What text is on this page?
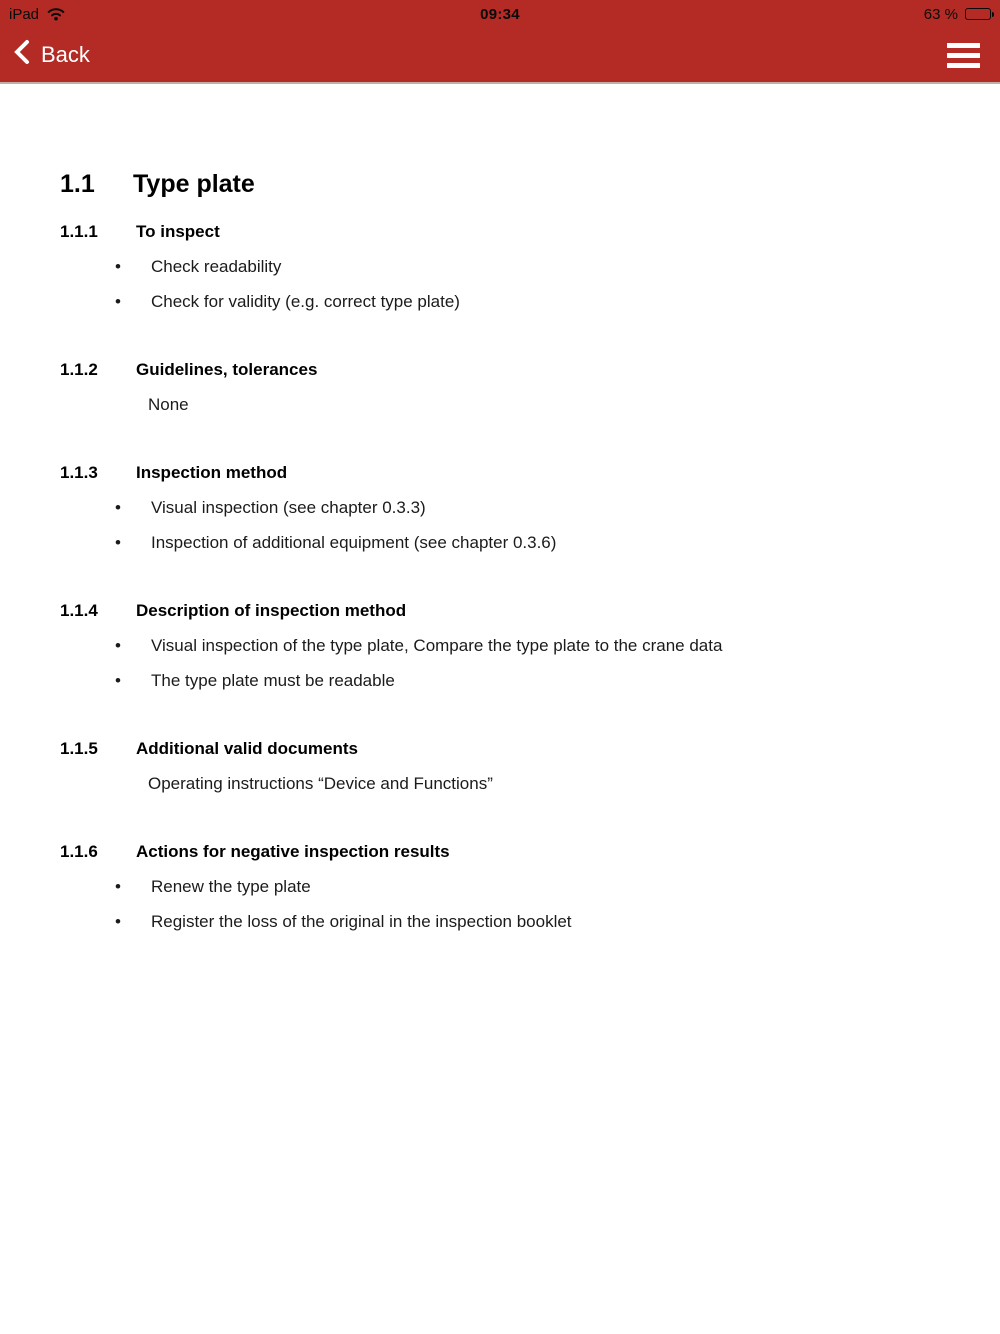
iPad	09:34	63 %
Back
1.1	Type plate
1.1.1	To inspect
•	Check readability
•	Check for validity (e.g. correct type plate)
1.1.2	Guidelines, tolerances
None
1.1.3	Inspection method
•	Visual inspection (see chapter 0.3.3)
•	Inspection of additional equipment (see chapter 0.3.6)
1.1.4	Description of inspection method
•	Visual inspection of the type plate, Compare the type plate to the crane data
•	The type plate must be readable
1.1.5	Additional valid documents
Operating instructions “Device and Functions”
1.1.6	Actions for negative inspection results
•	Renew the type plate
•	Register the loss of the original in the inspection booklet
